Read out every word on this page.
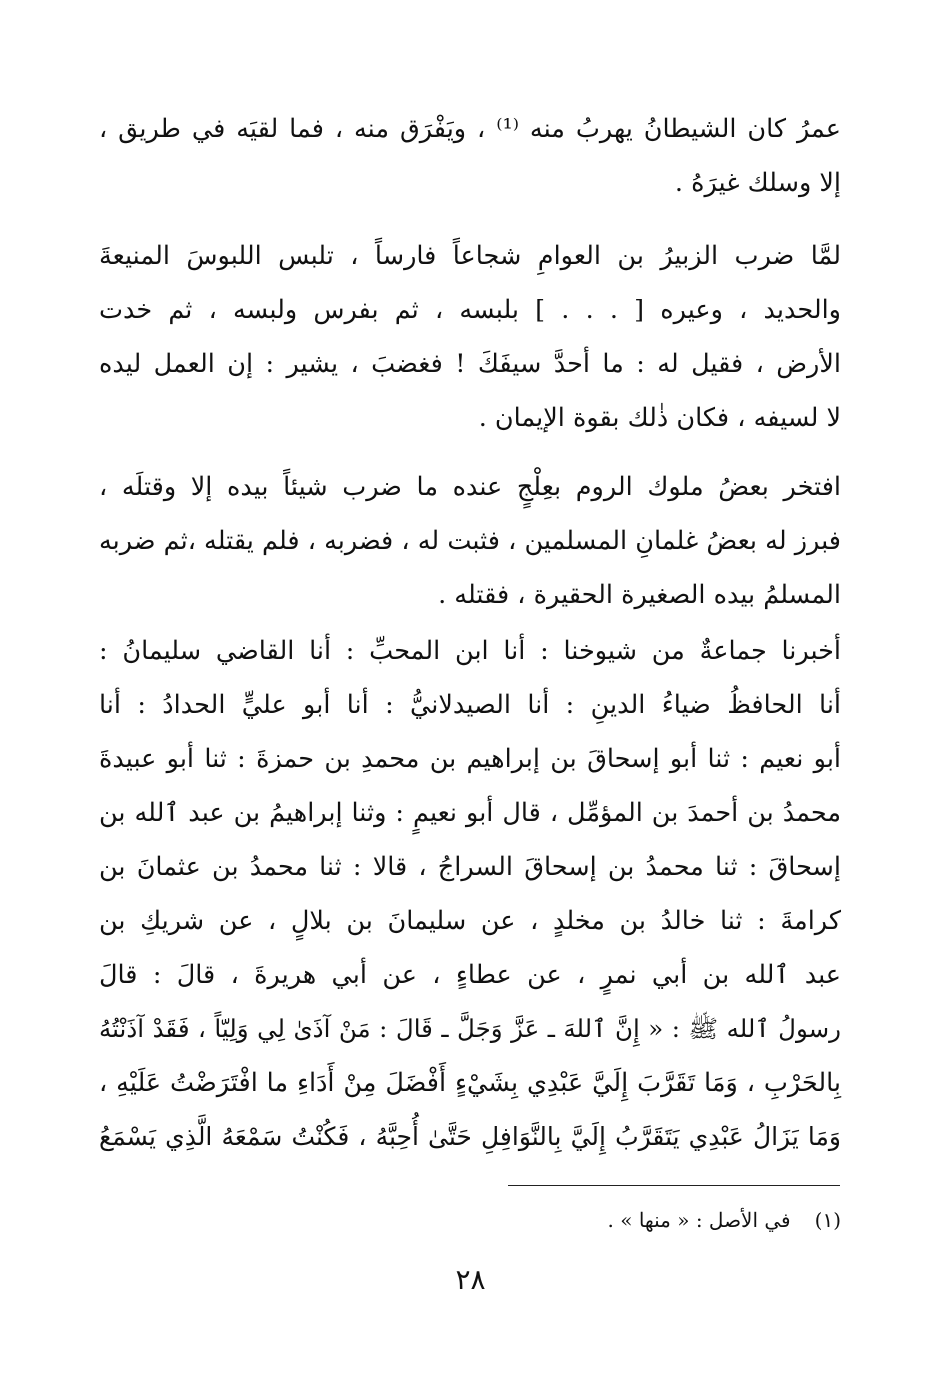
عمرُ كان الشيطانُ يهربُ منه ⁽¹⁾ ، ويَفْرَق منه ، فما لقيَه في طريق ،
إلا وسلك غيرَهُ .
لمَّا ضرب الزبيرُ بن العوامِ شجاعاً فارساً ، تلبس اللبوسَ المنيعةَ
والحديد ، وعيره [ . . . ] بلبسه ، ثم بفرس ولبسه ، ثم خدت
الأرض ، فقيل له : ما أحدَّ سيفَكَ ! فغضبَ ، يشير : إن العمل ليده
لا لسيفه ، فكان ذٰلك بقوة الإيمان .
افتخر بعضُ ملوك الروم بعِلْجٍ عنده ما ضرب شيئاً بيده إلا وقتلَه ،
فبرز له بعضُ غلمانِ المسلمين ، فثبت له ، فضربه ، فلم يقتله ،ثم ضربه
المسلمُ بيده الصغيرة الحقيرة ، فقتله .
أخبرنا جماعةٌ من شيوخنا : أنا ابن المحبِّ : أنا القاضي سليمانُ :
أنا الحافظُ ضياءُ الدينِ : أنا الصيدلانيُّ : أنا أبو عليٍّ الحدادُ : أنا
أبو نعيم : ثنا أبو إسحاقَ بن إبراهيم بن محمدِ بن حمزةَ : ثنا أبو عبيدةَ
محمدُ بن أحمدَ بن المؤمِّل ، قال أبو نعيمٍ : وثنا إبراهيمُ بن عبد ٱلله بن
إسحاقَ : ثنا محمدُ بن إسحاقَ السراجُ ، قالا : ثنا محمدُ بن عثمانَ بن
كرامةَ : ثنا خالدُ بن مخلدٍ ، عن سليمانَ بن بلالٍ ، عن شريكِ بن
عبد ٱلله بن أبي نمرٍ ، عن عطاءٍ ، عن أبي هريرةَ ، قالَ : قالَ
رسولُ ٱلله ﷺ : « إِنَّ ٱللهَ ـ عَزَّ وَجَلَّ ـ قَالَ : مَنْ آذَىٰ لِي وَلِيّاً ، فَقَدْ آذَنْتُهُ
بِالحَرْبِ ، وَمَا تَقَرَّبَ إِلَيَّ عَبْدِي بِشَيْءٍ أَفْضَلَ مِنْ أَدَاءِ ما افْتَرَضْتُ عَلَيْهِ ،
وَمَا يَزَالُ عَبْدِي يَتَقَرَّبُ إِلَيَّ بِالنَّوَافِلِ حَتَّىٰ أُحِبَّهُ ، فَكُنْتُ سَمْعَهُ الَّذِي يَسْمَعُ
(١)في الأصل : « منها » .
٢٨
